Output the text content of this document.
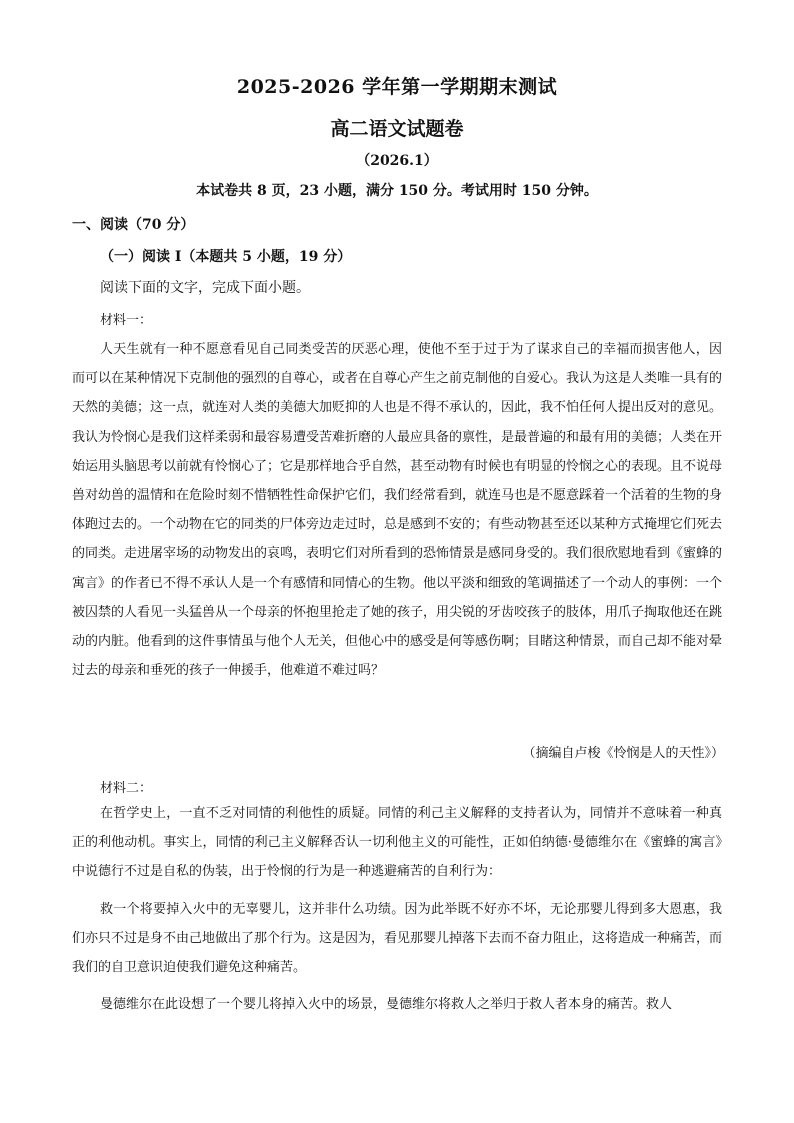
2025-2026 学年第一学期期末测试
高二语文试题卷
（2026.1）
本试卷共 8 页，23 小题，满分 150 分。考试用时 150 分钟。
一、阅读（70 分）
（一）阅读 I（本题共 5 小题，19 分）
阅读下面的文字，完成下面小题。
材料一：

人天生就有一种不愿意看见自己同类受苦的厌恶心理，使他不至于过于为了谋求自己的幸福而损害他人，因而可以在某种情况下克制他的强烈的自尊心，或者在自尊心产生之前克制他的自爱心。我认为这是人类唯一具有的天然的美德；这一点，就连对人类的美德大加贬抑的人也是不得不承认的，因此，我不怕任何人提出反对的意见。我认为怜悯心是我们这样柔弱和最容易遭受苦难折磨的人最应具备的禀性，是最普遍的和最有用的美德；人类在开始运用头脑思考以前就有怜悯心了；它是那样地合乎自然，甚至动物有时候也有明显的怜悯之心的表现。且不说母兽对幼兽的温情和在危险时刻不惜牺牲性命保护它们，我们经常看到，就连马也是不愿意踩着一个活着的生物的身体跑过去的。一个动物在它的同类的尸体旁边走过时，总是感到不安的；有些动物甚至还以某种方式掩埋它们死去的同类。走进屠宰场的动物发出的哀鸣，表明它们对所看到的恐怖情景是感同身受的。我们很欣慰地看到《蜜蜂的寓言》的作者已不得不承认人是一个有感情和同情心的生物。他以平淡和细致的笔调描述了一个动人的事例：一个被囚禁的人看见一头猛兽从一个母亲的怀抱里抢走了她的孩子，用尖锐的牙齿咬孩子的肢体，用爪子掏取他还在跳动的内脏。他看到的这件事情虽与他个人无关，但他心中的感受是何等感伤啊；目睹这种情景，而自己却不能对晕过去的母亲和垂死的孩子一伸援手，他难道不难过吗？

（摘编自卢梭《怜悯是人的天性》）
材料二：

在哲学史上，一直不乏对同情的利他性的质疑。同情的利己主义解释的支持者认为，同情并不意味着一种真正的利他动机。事实上，同情的利己主义解释否认一切利他主义的可能性，正如伯纳德·曼德维尔在《蜜蜂的寓言》中说德行不过是自私的伪装，出于怜悯的行为是一种逃避痛苦的自利行为：

救一个将要掉入火中的无辜婴儿，这并非什么功绩。因为此举既不好亦不坏，无论那婴儿得到多大恩惠，我们亦只不过是身不由己地做出了那个行为。这是因为，看见那婴儿掉落下去而不奋力阻止，这将造成一种痛苦，而我们的自卫意识迫使我们避免这种痛苦。

曼德维尔在此设想了一个婴儿将掉入火中的场景，曼德维尔将救人之举归于救人者本身的痛苦。救人
